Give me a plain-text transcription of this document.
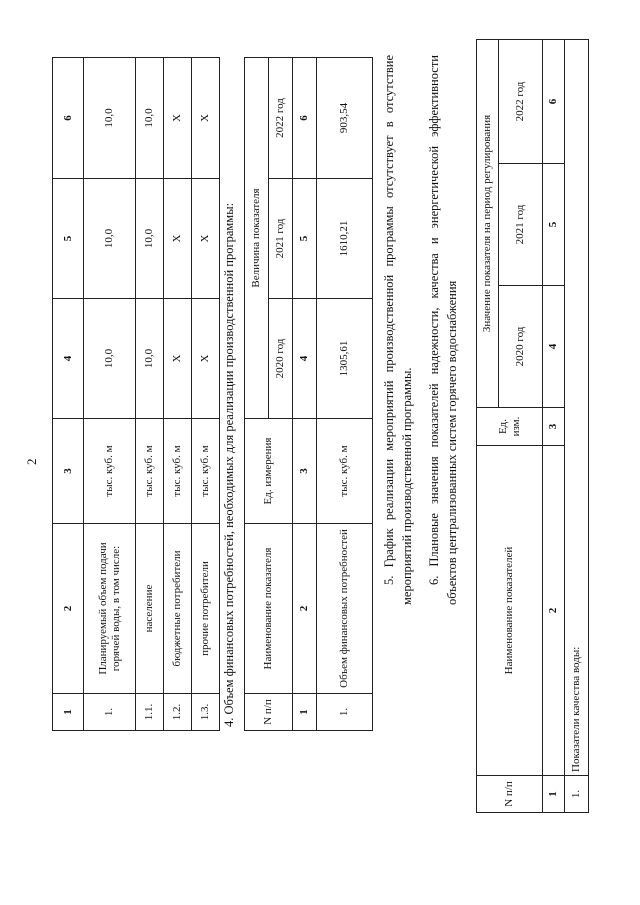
2
1	2	3	4	5	6
1.	Планируемый объем подачи горячей воды, в том числе:	тыс. куб. м	10,0	10,0	10,0
1.1.	население	тыс. куб. м	10,0	10,0	10,0
1.2.	бюджетные потребители	тыс. куб. м	X	X	X
1.3.	прочие потребители	тыс. куб. м	X	X	X
4. Объем финансовых потребностей, необходимых для реализации производственной программы: N п/п	Наименование показателя	Ед. измерения	Величина показателя		
			2020 год	2021 год	2022 год
1	2	3	4	5	6
1.	Объем финансовых потребностей	тыс. куб. м	1305,61	1610,21	903,54	5. График реализации мероприятий производственной программы отсутствует в отсутствие мероприятий производственной программы. 6. Плановые значения показателей надежности, качества и энергетической эффективности объектов централизованных систем горячего водоснабжения
N п/п	Наименование показателей	Ед. изм.	Значение показателя на период регулирования		
			2020 год	2021 год	2022 год
1	2	3	4	5	6
1.	Показатели качества воды:				
